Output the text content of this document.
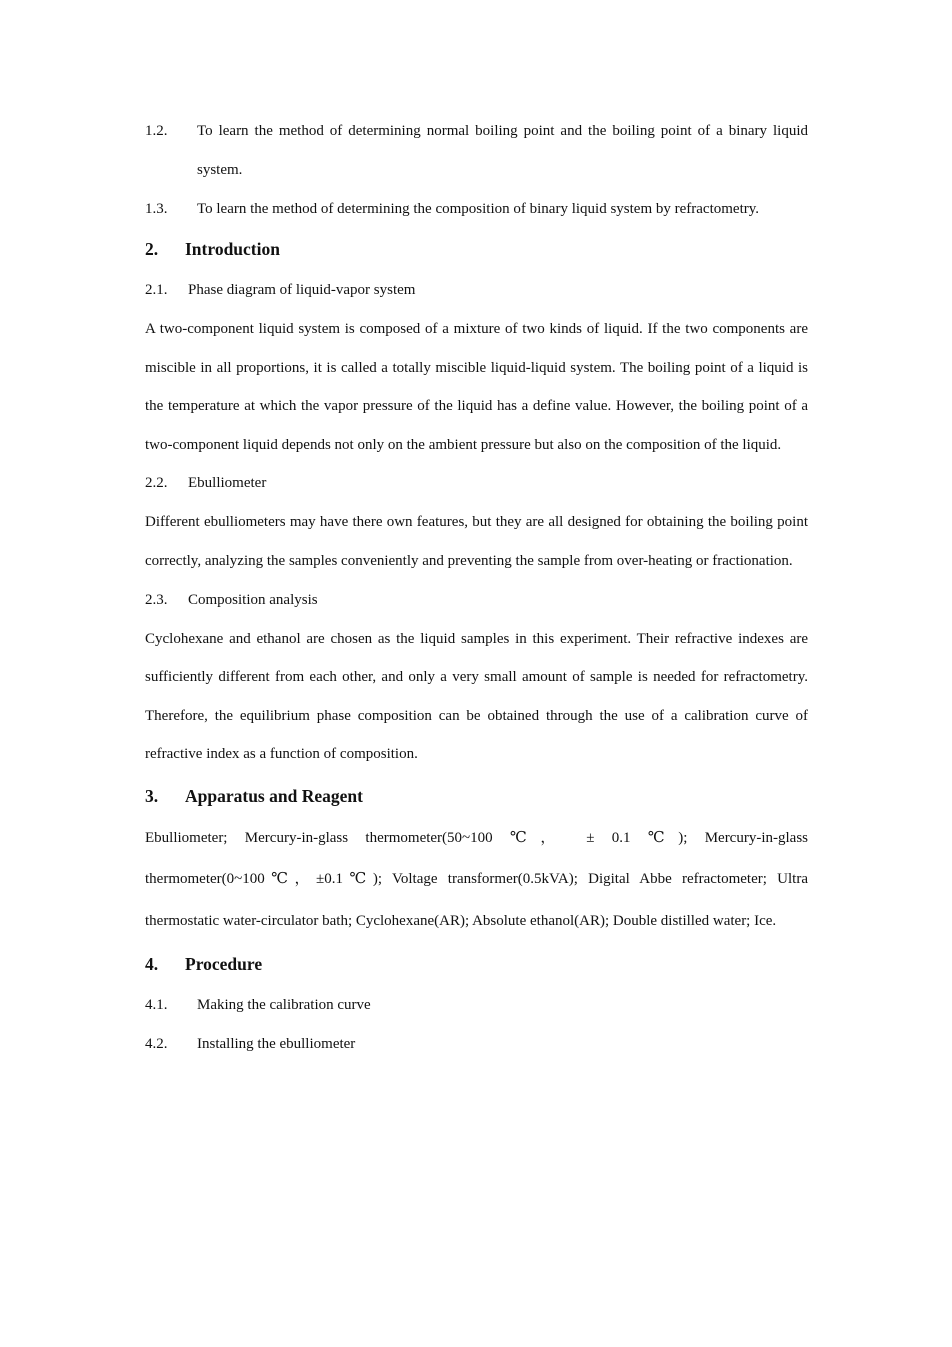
1.2.	To learn the method of determining normal boiling point and the boiling point of a binary liquid system.
1.3.	To learn the method of determining the composition of binary liquid system by refractometry.
2.	Introduction
2.1.	Phase diagram of liquid-vapor system

A two-component liquid system is composed of a mixture of two kinds of liquid. If the two components are miscible in all proportions, it is called a totally miscible liquid-liquid system. The boiling point of a liquid is the temperature at which the vapor pressure of the liquid has a define value. However, the boiling point of a two-component liquid depends not only on the ambient pressure but also on the composition of the liquid.

2.2.	Ebulliometer

Different ebulliometers may have there own features, but they are all designed for obtaining the boiling point correctly, analyzing the samples conveniently and preventing the sample from over-heating or fractionation.

2.3.	Composition analysis

Cyclohexane and ethanol are chosen as the liquid samples in this experiment. Their refractive indexes are sufficiently different from each other, and only a very small amount of sample is needed for refractometry. Therefore, the equilibrium phase composition can be obtained through the use of a calibration curve of refractive index as a function of composition.

3.	Apparatus and Reagent

Ebulliometer; Mercury-in-glass thermometer(50~100 ℃， ± 0.1 ℃); Mercury-in-glass thermometer(0~100℃，±0.1℃); Voltage transformer(0.5kVA); Digital Abbe refractometer; Ultra thermostatic water-circulator bath; Cyclohexane(AR); Absolute ethanol(AR); Double distilled water; Ice.

4.	Procedure
4.1.	Making the calibration curve
4.2.	Installing the ebulliometer
